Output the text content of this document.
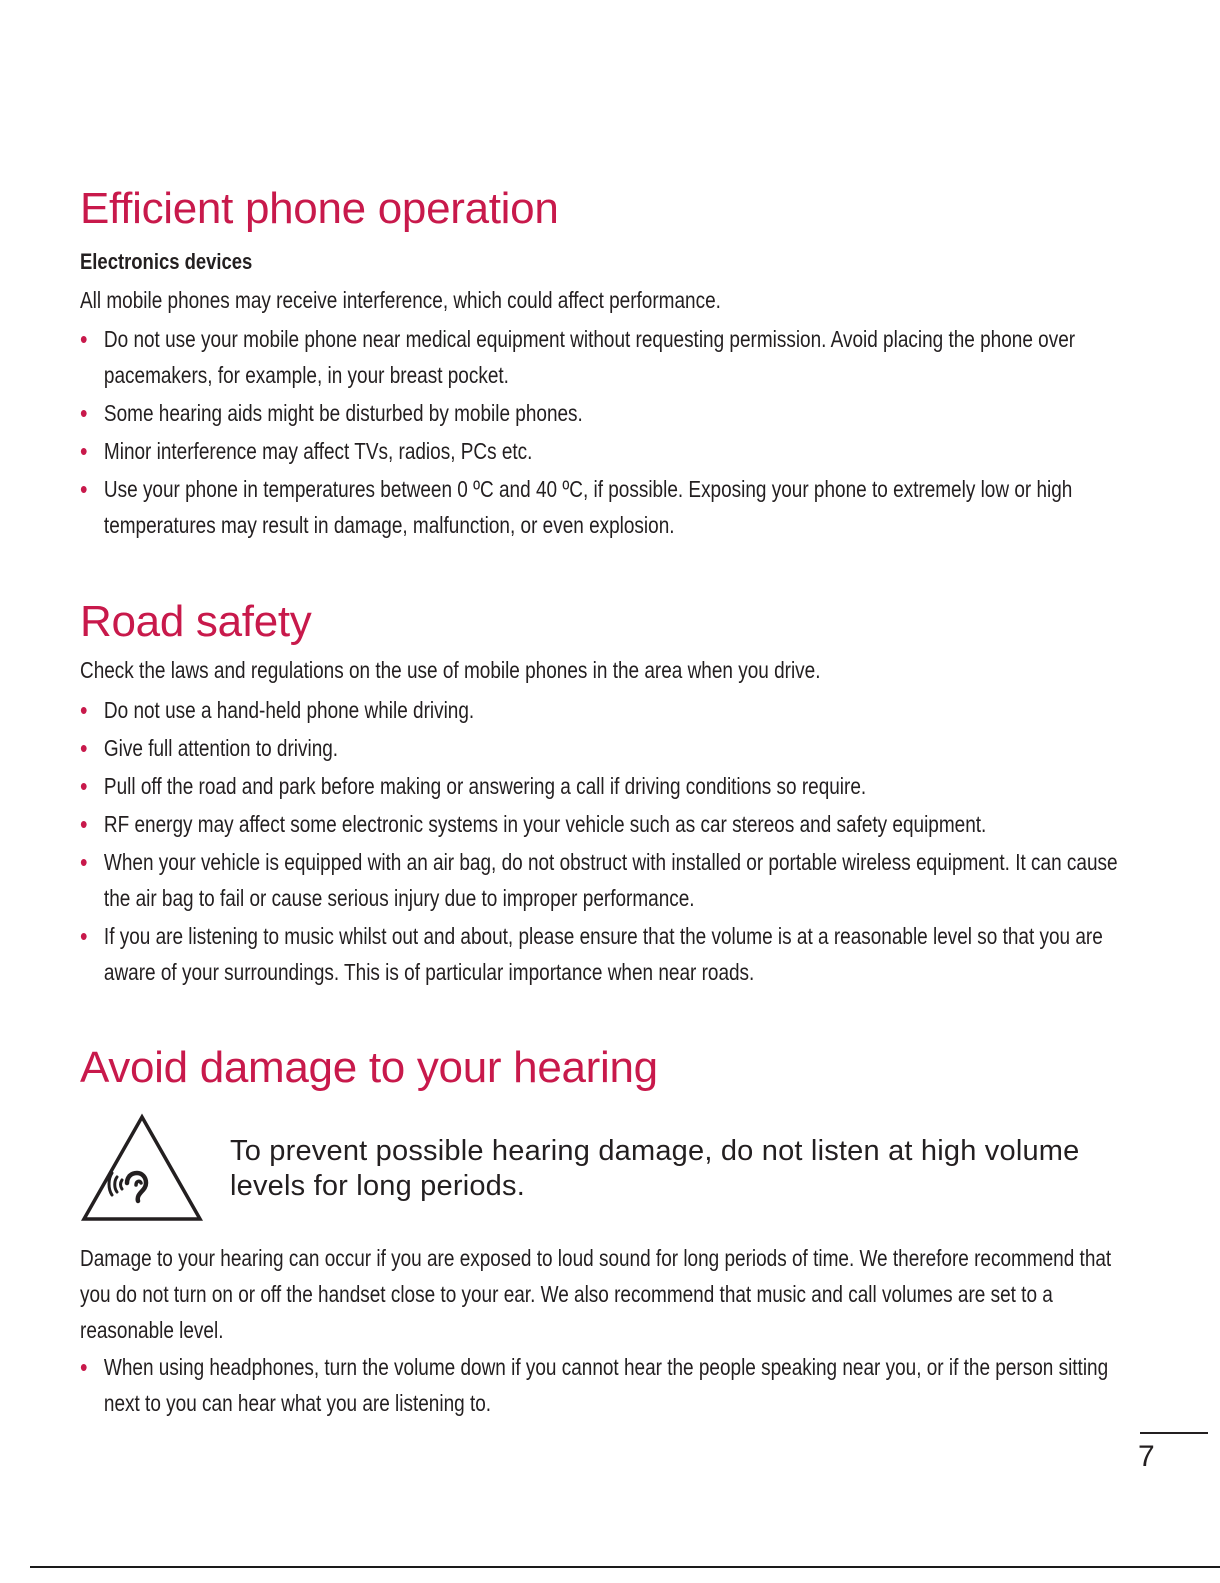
Efficient phone operation
Electronics devices

All mobile phones may receive interference, which could affect performance.

• Do not use your mobile phone near medical equipment without requesting permission. Avoid placing the phone over pacemakers, for example, in your breast pocket.
• Some hearing aids might be disturbed by mobile phones.
• Minor interference may affect TVs, radios, PCs etc.
• Use your phone in temperatures between 0 ºC and 40 ºC, if possible. Exposing your phone to extremely low or high temperatures may result in damage, malfunction, or even explosion.
Road safety

Check the laws and regulations on the use of mobile phones in the area when you drive.

• Do not use a hand-held phone while driving.
• Give full attention to driving.
• Pull off the road and park before making or answering a call if driving conditions so require.
• RF energy may affect some electronic systems in your vehicle such as car stereos and safety equipment.
• When your vehicle is equipped with an air bag, do not obstruct with installed or portable wireless equipment. It can cause the air bag to fail or cause serious injury due to improper performance.
• If you are listening to music whilst out and about, please ensure that the volume is at a reasonable level so that you are aware of your surroundings. This is of particular importance when near roads.
Avoid damage to your hearing

To prevent possible hearing damage, do not listen at high volume levels for long periods.

Damage to your hearing can occur if you are exposed to loud sound for long periods of time. We therefore recommend that you do not turn on or off the handset close to your ear. We also recommend that music and call volumes are set to a reasonable level.

• When using headphones, turn the volume down if you cannot hear the people speaking near you, or if the person sitting next to you can hear what you are listening to.
7
